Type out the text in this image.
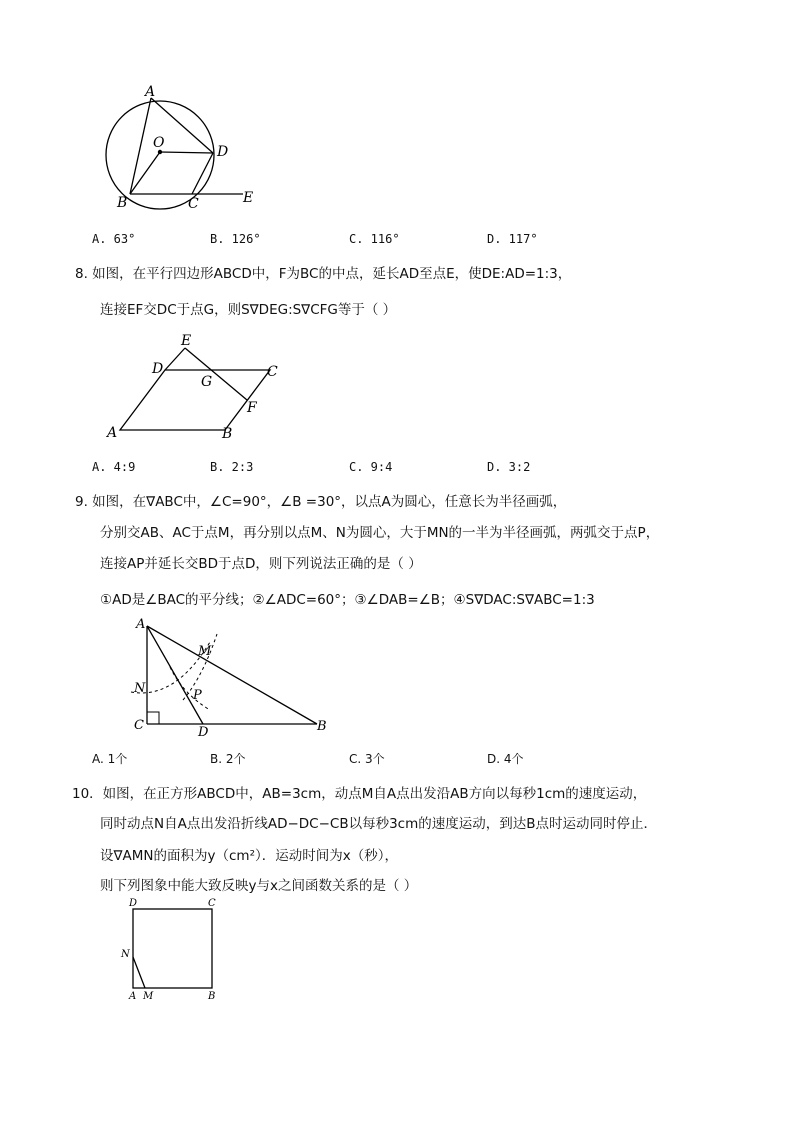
A
O
D
B	C	E
A. 63°	B. 126°	C. 116°	D. 117°
8. 如图，在平行四边形ABCD中，F为BC的中点，延长AD至点E，使DE:AD=1:3，
连接EF交DC于点G，则S∇DEG:S∇CFG等于（ ）
E
D
G
C
F
A	B
A. 4:9	B. 2:3	C. 9:4	D. 3:2
9. 如图，在∇ABC中，∠C=90°，∠B =30°，以点A为圆心，任意长为半径画弧，
分别交AB、AC于点M，再分别以点M、N为圆心，大于MN的一半为半径画弧，两弧交于点P，
连接AP并延长交BD于点D，则下列说法正确的是（ ）
①AD是∠BAC的平分线；②∠ADC=60°；③∠DAB=∠B；④S∇DAC:S∇ABC=1:3
A
M
N	P
C	D	B
A. 1个	B. 2个	C. 3个	D. 4个
10．如图，在正方形ABCD中，AB=3cm，动点M自A点出发沿AB方向以每秒1cm的速度运动，
同时动点N自A点出发沿折线AD−DC−CB以每秒3cm的速度运动，到达B点时运动同时停止．
设∇AMN的面积为y（cm²）．运动时间为x（秒），
则下列图象中能大致反映y与x之间函数关系的是（ ）
D	C
N
A M	B
